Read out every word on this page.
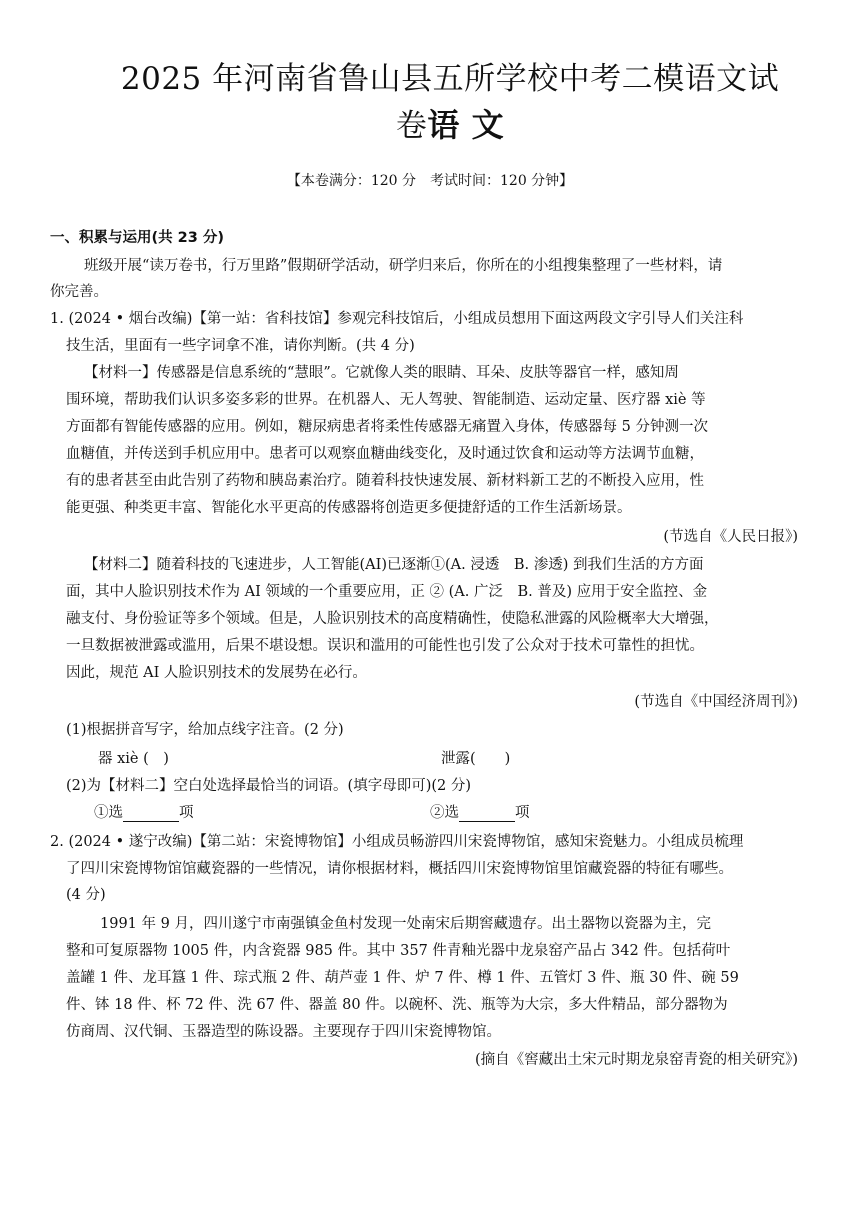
2025 年河南省鲁山县五所学校中考二模语文试
卷语 文
【本卷满分：120 分　考试时间：120 分钟】
一、积累与运用(共 23 分)
班级开展“读万卷书，行万里路”假期研学活动，研学归来后，你所在的小组搜集整理了一些材料，请
你完善。
1. (2024 • 烟台改编)【第一站：省科技馆】参观完科技馆后，小组成员想用下面这两段文字引导人们关注科
技生活，里面有一些字词拿不准，请你判断。(共 4 分)
【材料一】传感器是信息系统的“慧眼”。它就像人类的眼睛、耳朵、皮肤等器官一样，感知周
围环境，帮助我们认识多姿多彩的世界。在机器人、无人驾驶、智能制造、运动定量、医疗器 xiè 等
方面都有智能传感器的应用。例如，糖尿病患者将柔性传感器无痛置入身体，传感器每 5 分钟测一次
血糖值，并传送到手机应用中。患者可以观察血糖曲线变化，及时通过饮食和运动等方法调节血糖，
有的患者甚至由此告别了药物和胰岛素治疗。随着科技快速发展、新材料新工艺的不断投入应用，性
能更强、种类更丰富、智能化水平更高的传感器将创造更多便捷舒适的工作生活新场景。
(节选自《人民日报》)
【材料二】随着科技的飞速进步，人工智能(AI)已逐渐①(A. 浸透　B. 渗透) 到我们生活的方方面
面，其中人脸识别技术作为 AI 领域的一个重要应用，正 ② (A. 广泛　B. 普及) 应用于安全监控、金
融支付、身份验证等多个领域。但是，人脸识别技术的高度精确性，使隐私泄露的风险概率大大增强，
一旦数据被泄露或滥用，后果不堪设想。误识和滥用的可能性也引发了公众对于技术可靠性的担忧。
因此，规范 AI 人脸识别技术的发展势在必行。
(节选自《中国经济周刊》)
(1)根据拼音写字，给加点线字注音。(2 分)
器 xiè (　)	泄露(　　)
(2)为【材料二】空白处选择最恰当的词语。(填字母即可)(2 分)
①选	项	②选	项
2. (2024 • 遂宁改编)【第二站：宋瓷博物馆】小组成员畅游四川宋瓷博物馆，感知宋瓷魅力。小组成员梳理
了四川宋瓷博物馆馆藏瓷器的一些情况，请你根据材料，概括四川宋瓷博物馆里馆藏瓷器的特征有哪些。
(4 分)
1991 年 9 月，四川遂宁市南强镇金鱼村发现一处南宋后期窖藏遗存。出土器物以瓷器为主，完
整和可复原器物 1005 件，内含瓷器 985 件。其中 357 件青釉光器中龙泉窑产品占 342 件。包括荷叶
盖罐 1 件、龙耳簋 1 件、琮式瓶 2 件、葫芦壶 1 件、炉 7 件、樽 1 件、五管灯 3 件、瓶 30 件、碗 59
件、钵 18 件、杯 72 件、洗 67 件、器盖 80 件。以碗杯、洗、瓶等为大宗，多大件精品，部分器物为
仿商周、汉代铜、玉器造型的陈设器。主要现存于四川宋瓷博物馆。
(摘自《窖藏出土宋元时期龙泉窑青瓷的相关研究》)
